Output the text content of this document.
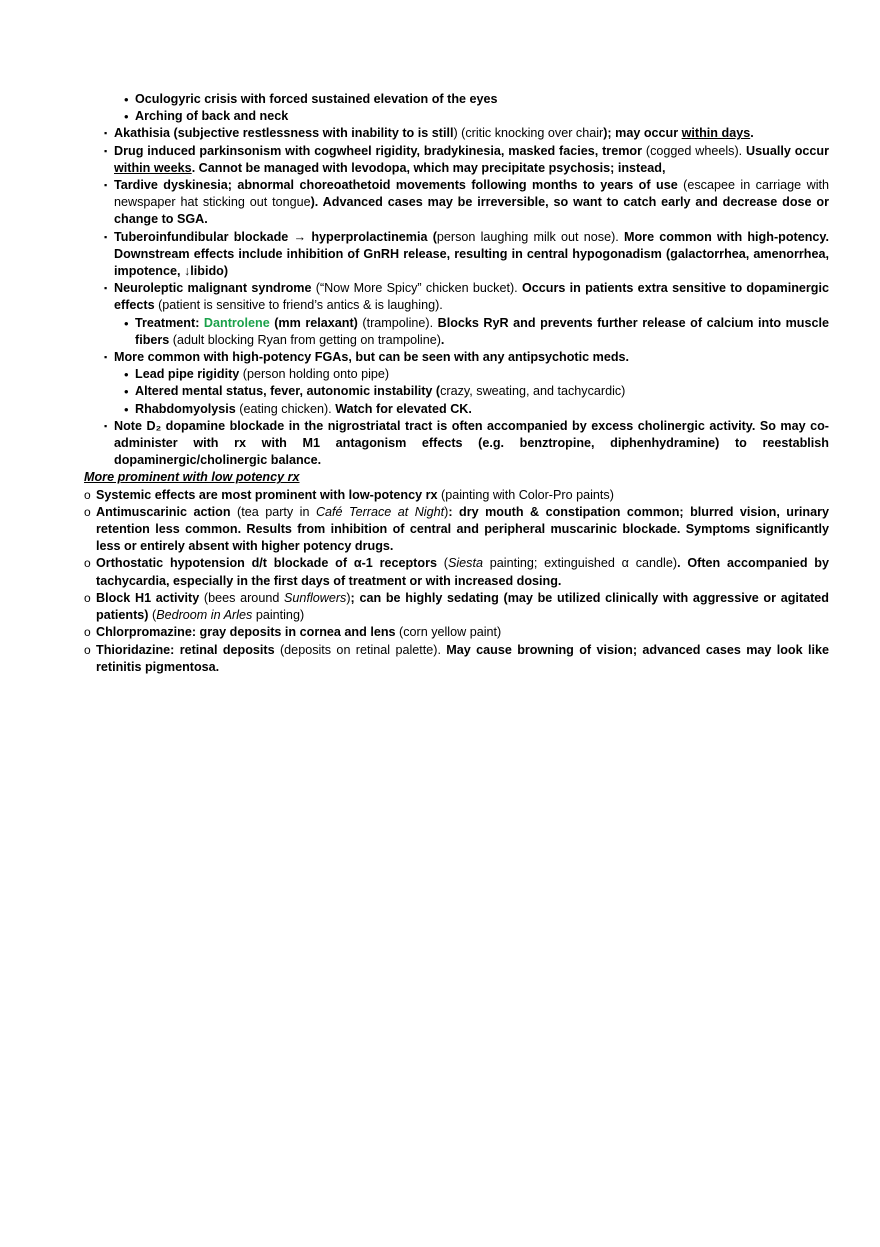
• Oculogyric crisis with forced sustained elevation of the eyes
• Arching of back and neck
▪ Akathisia (subjective restlessness with inability to is still) (critic knocking over chair); may occur within days.
▪ Drug induced parkinsonism with cogwheel rigidity, bradykinesia, masked facies, tremor (cogged wheels). Usually occur within weeks. Cannot be managed with levodopa, which may precipitate psychosis; instead,
▪ Tardive dyskinesia; abnormal choreoathetoid movements following months to years of use (escapee in carriage with newspaper hat sticking out tongue). Advanced cases may be irreversible, so want to catch early and decrease dose or change to SGA.
▪ Tuberoinfundibular blockade → hyperprolactinemia (person laughing milk out nose). More common with high-potency. Downstream effects include inhibition of GnRH release, resulting in central hypogonadism (galactorrhea, amenorrhea, impotence, ↓libido)
▪ Neuroleptic malignant syndrome (“Now More Spicy” chicken bucket). Occurs in patients extra sensitive to dopaminergic effects (patient is sensitive to friend’s antics & is laughing).
• Treatment: Dantrolene (mm relaxant) (trampoline). Blocks RyR and prevents further release of calcium into muscle fibers (adult blocking Ryan from getting on trampoline).
▪ More common with high-potency FGAs, but can be seen with any antipsychotic meds.
• Lead pipe rigidity (person holding onto pipe)
• Altered mental status, fever, autonomic instability (crazy, sweating, and tachycardic)
• Rhabdomyolysis (eating chicken). Watch for elevated CK.
▪ Note D₂ dopamine blockade in the nigrostriatal tract is often accompanied by excess cholinergic activity. So may co-administer with rx with M1 antagonism effects (e.g. benztropine, diphenhydramine) to reestablish dopaminergic/cholinergic balance.
More prominent with low potency rx
o Systemic effects are most prominent with low-potency rx (painting with Color-Pro paints)
o Antimuscarinic action (tea party in Café Terrace at Night): dry mouth & constipation common; blurred vision, urinary retention less common. Results from inhibition of central and peripheral muscarinic blockade. Symptoms significantly less or entirely absent with higher potency drugs.
o Orthostatic hypotension d/t blockade of α-1 receptors (Siesta painting; extinguished α candle). Often accompanied by tachycardia, especially in the first days of treatment or with increased dosing.
o Block H1 activity (bees around Sunflowers); can be highly sedating (may be utilized clinically with aggressive or agitated patients) (Bedroom in Arles painting)
o Chlorpromazine: gray deposits in cornea and lens (corn yellow paint)
o Thioridazine: retinal deposits (deposits on retinal palette). May cause browning of vision; advanced cases may look like retinitis pigmentosa.
